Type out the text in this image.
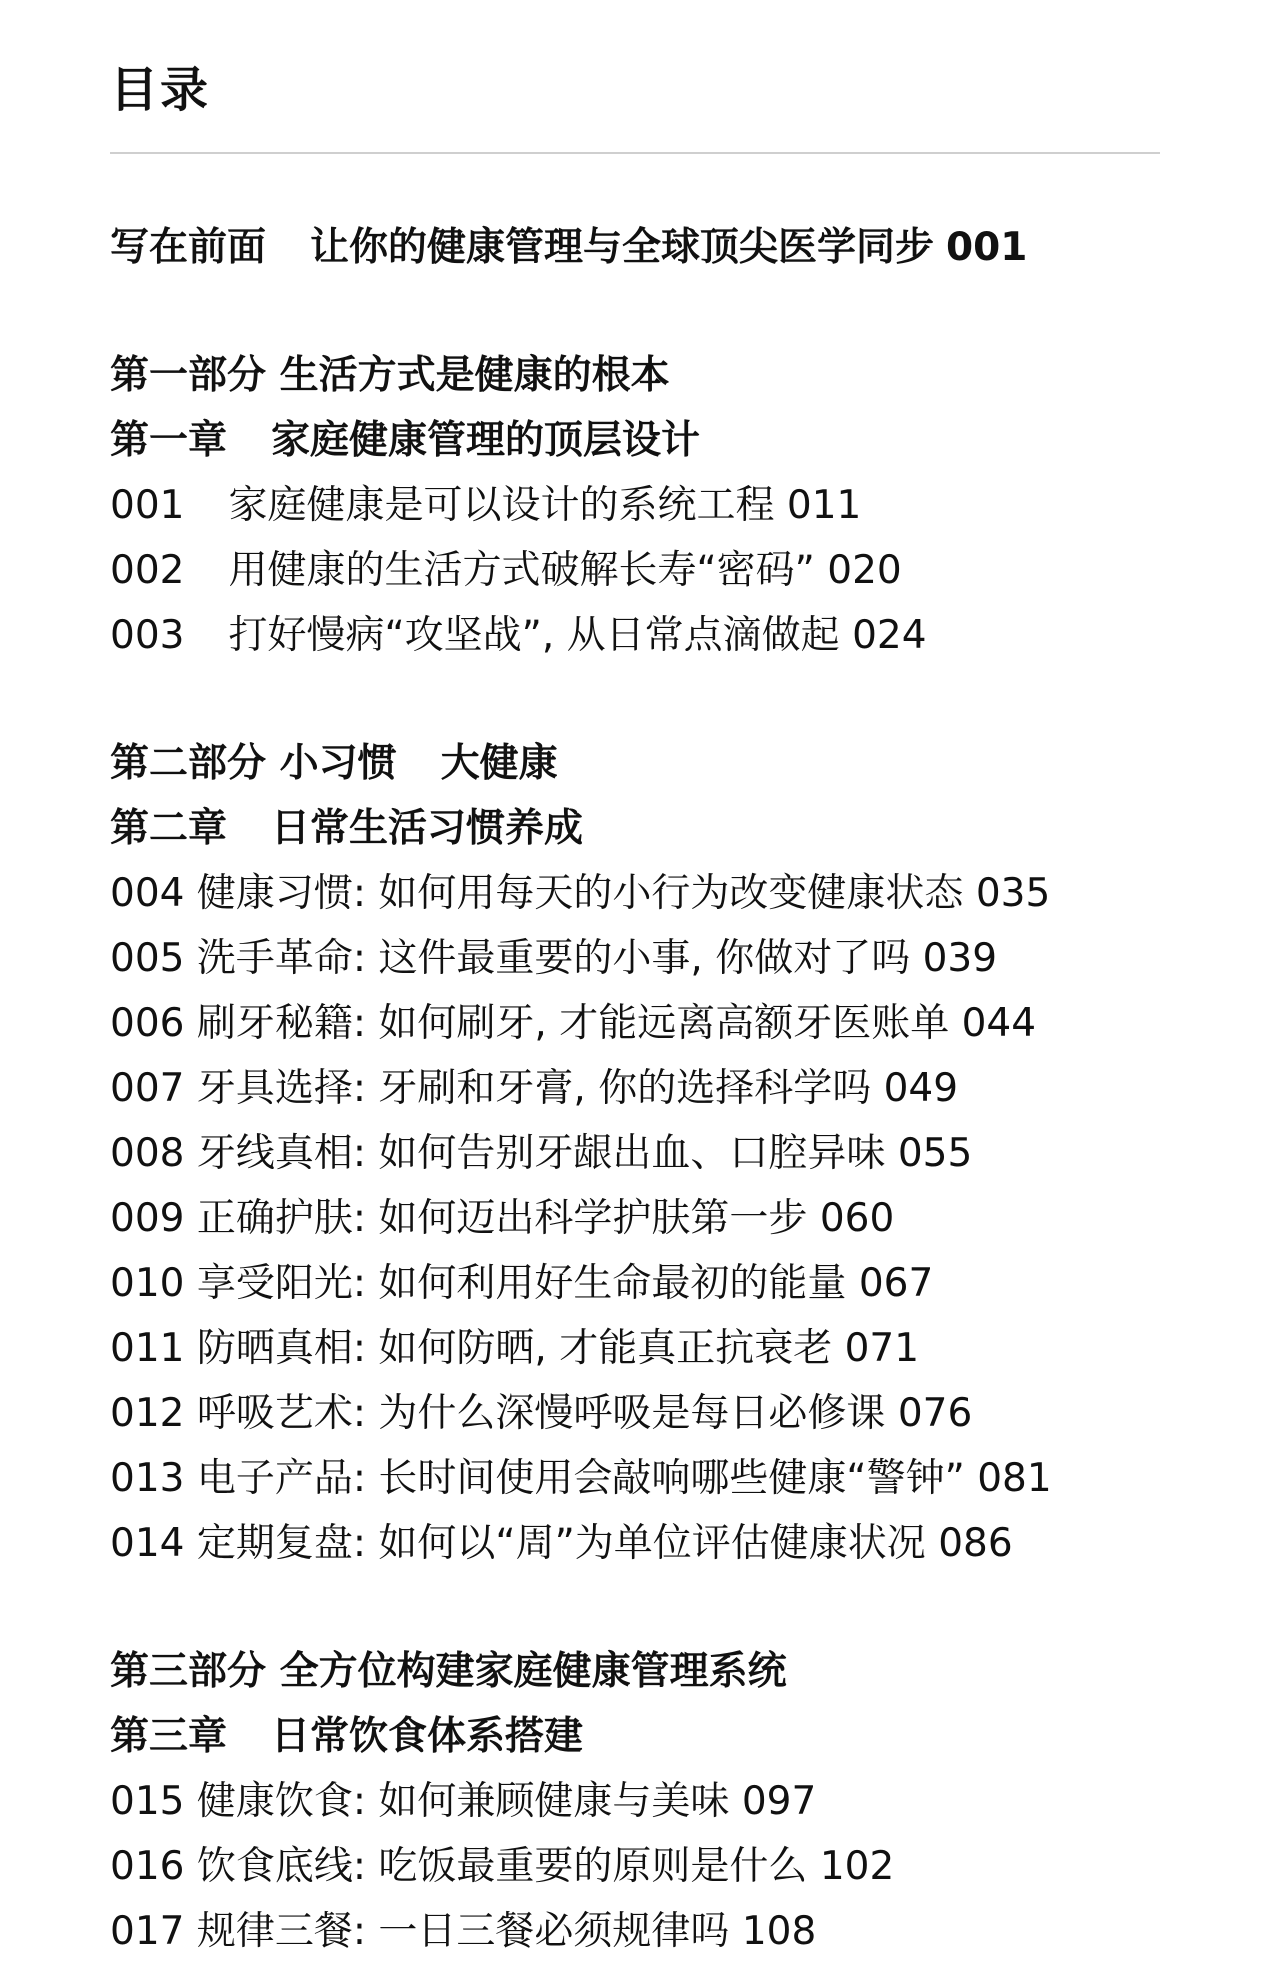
目录
写在前面 让你的健康管理与全球顶尖医学同步 001
第一部分 生活方式是健康的根本
第一章 家庭健康管理的顶层设计
001 家庭健康是可以设计的系统工程 011
002 用健康的生活方式破解长寿“密码” 020
003 打好慢病“攻坚战”, 从日常点滴做起 024
第二部分 小习惯 大健康
第二章 日常生活习惯养成
004 健康习惯: 如何用每天的小行为改变健康状态 035
005 洗手革命: 这件最重要的小事, 你做对了吗 039
006 刷牙秘籍: 如何刷牙, 才能远离高额牙医账单 044
007 牙具选择: 牙刷和牙膏, 你的选择科学吗 049
008 牙线真相: 如何告别牙龈出血、口腔异味 055
009 正确护肤: 如何迈出科学护肤第一步 060
010 享受阳光: 如何利用好生命最初的能量 067
011 防晒真相: 如何防晒, 才能真正抗衰老 071
012 呼吸艺术: 为什么深慢呼吸是每日必修课 076
013 电子产品: 长时间使用会敲响哪些健康“警钟” 081
014 定期复盘: 如何以“周”为单位评估健康状况 086
第三部分 全方位构建家庭健康管理系统
第三章 日常饮食体系搭建
015 健康饮食: 如何兼顾健康与美味 097
016 饮食底线: 吃饭最重要的原则是什么 102
017 规律三餐: 一日三餐必须规律吗 108
